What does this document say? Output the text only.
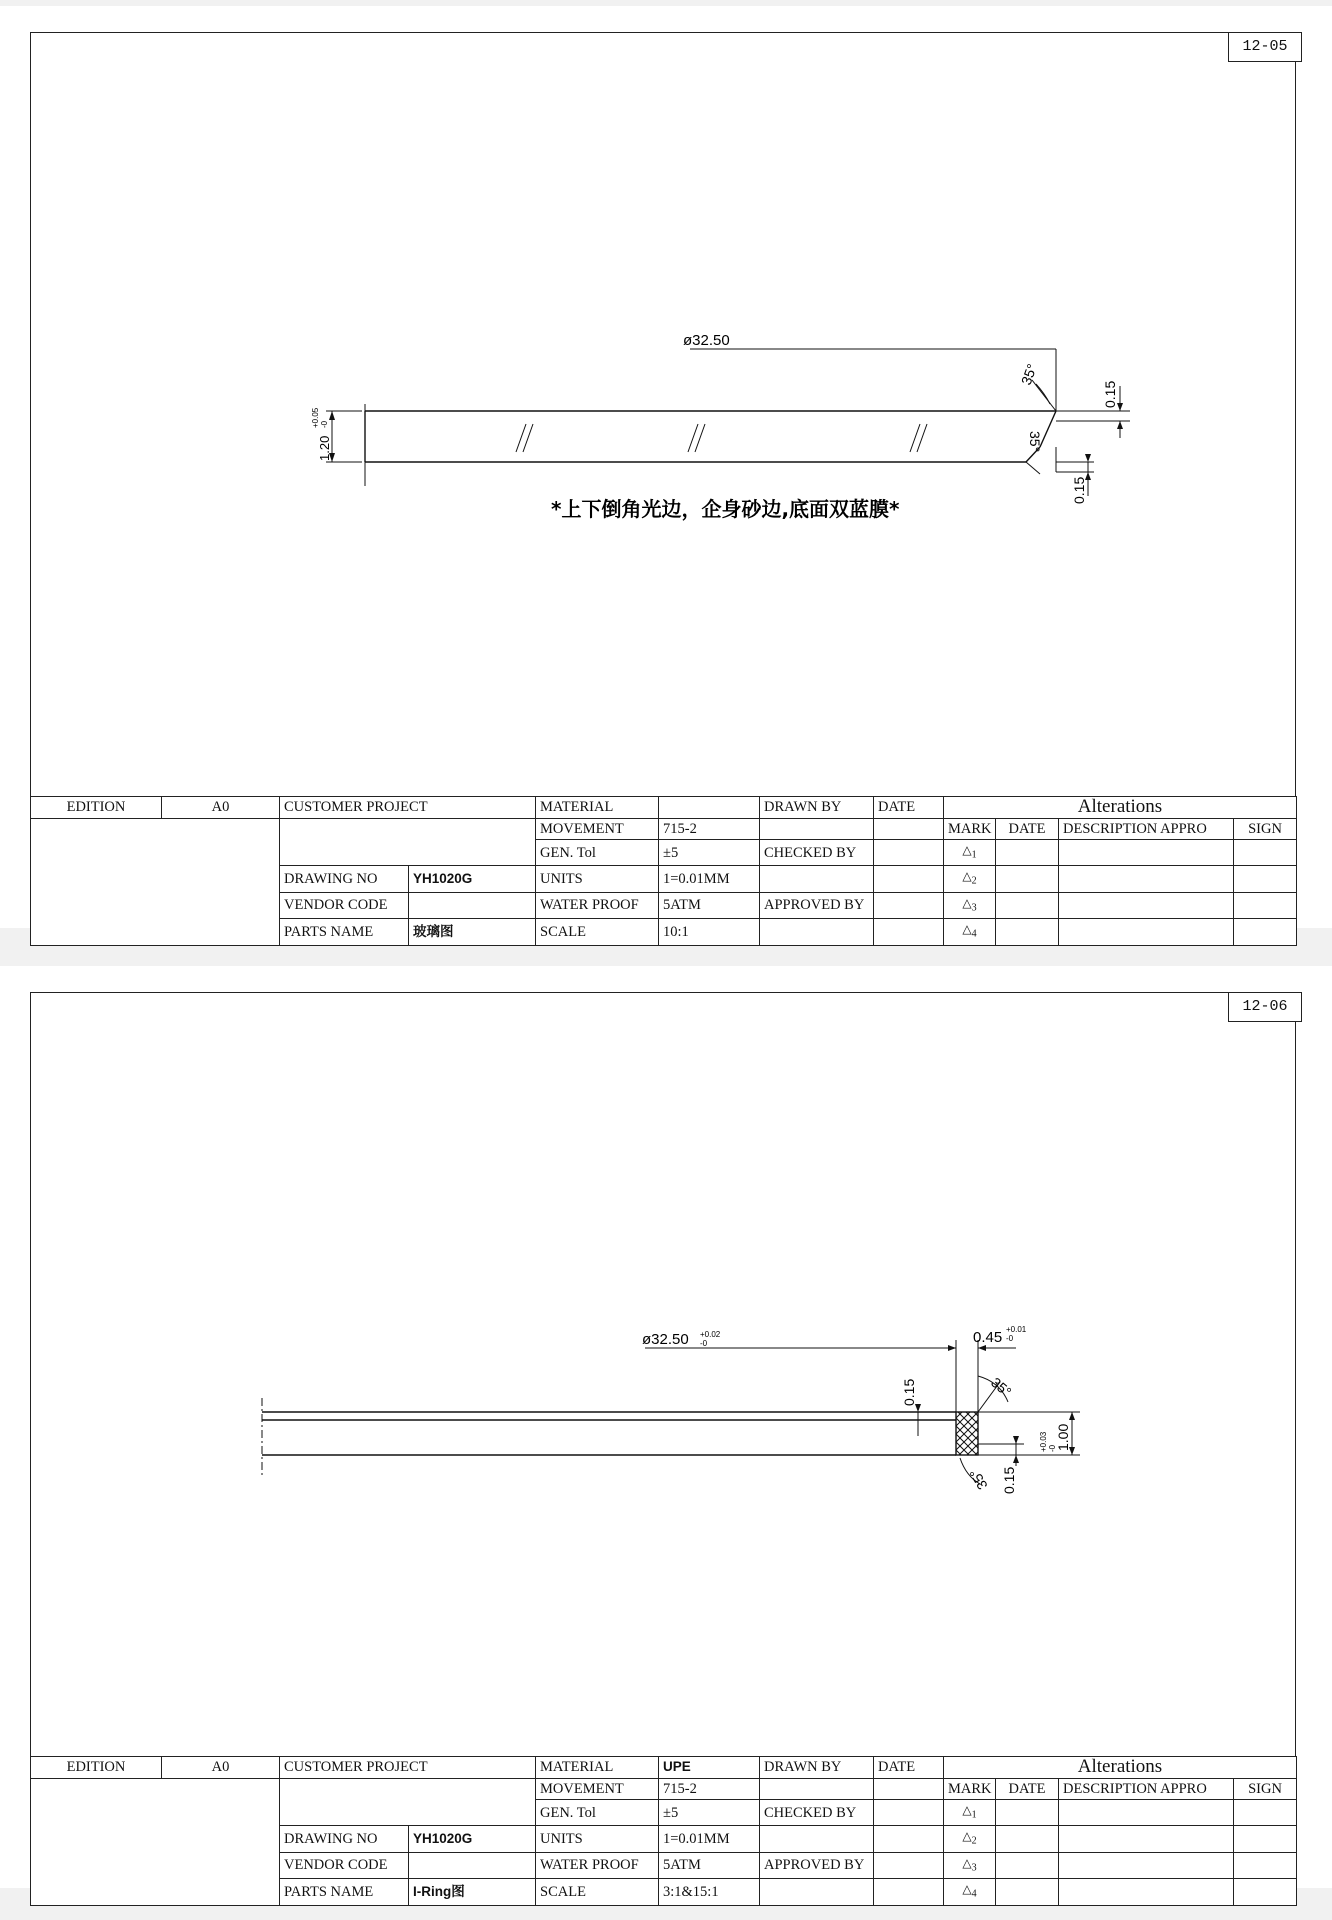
12-05
ø32.50
1.20
+0.05 -0
0.15
0.15
35°
35°
*上下倒角光边，企身砂边,底面双蓝膜*
EDITION	A0	CUSTOMER PROJECT		MATERIAL		DRAWN BY	DATE	Alterations			
				MOVEMENT	715-2			MARK	DATE	DESCRIPTION APPRO	SIGN
				GEN. Tol	±5	CHECKED BY		$\triangle_1$			
		DRAWING NO	YH1020G	UNITS	1=0.01MM			$\triangle_2$			
		VENDOR CODE		WATER PROOF	5ATM	APPROVED BY		$\triangle_3$			
		PARTS NAME	玻璃图	SCALE	10:1			$\triangle_4$			
12-06
ø32.50 +0.02
-0	0.45 +0.01
-0
1.00
+0.03 -0
0.15
0.15
35°
35°
EDITION	A0	CUSTOMER PROJECT		MATERIAL	UPE	DRAWN BY	DATE	Alterations			
				MOVEMENT	715-2			MARK	DATE	DESCRIPTION APPRO	SIGN
				GEN. Tol	±5	CHECKED BY		$\triangle_1$			
		DRAWING NO	YH1020G	UNITS	1=0.01MM			$\triangle_2$			
		VENDOR CODE		WATER PROOF	5ATM	APPROVED BY		$\triangle_3$			
		PARTS NAME	I-Ring图	SCALE	3:1&15:1			$\triangle_4$			
